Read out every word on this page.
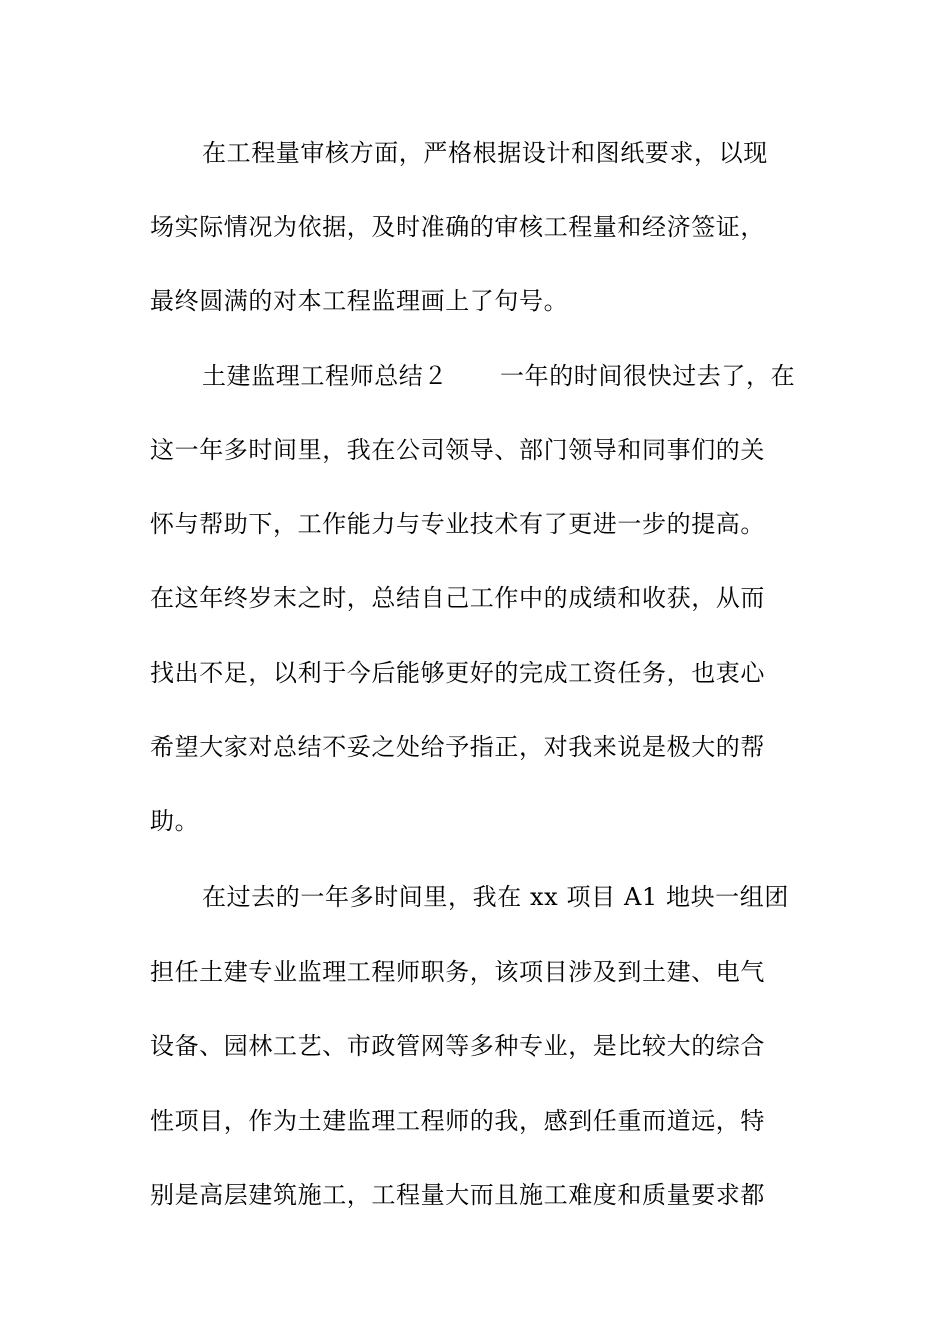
在工程量审核方面，严格根据设计和图纸要求，以现
场实际情况为依据，及时准确的审核工程量和经济签证，
最终圆满的对本工程监理画上了句号。
土建监理工程师总结２ 一年的时间很快过去了，在
这一年多时间里，我在公司领导、部门领导和同事们的关
怀与帮助下，工作能力与专业技术有了更进一步的提高。
在这年终岁末之时，总结自己工作中的成绩和收获，从而
找出不足，以利于今后能够更好的完成工资任务，也衷心
希望大家对总结不妥之处给予指正，对我来说是极大的帮
助。
在过去的一年多时间里，我在 xx 项目 A1 地块一组团
担任土建专业监理工程师职务，该项目涉及到土建、电气
设备、园林工艺、市政管网等多种专业，是比较大的综合
性项目，作为土建监理工程师的我，感到任重而道远，特
别是高层建筑施工，工程量大而且施工难度和质量要求都
